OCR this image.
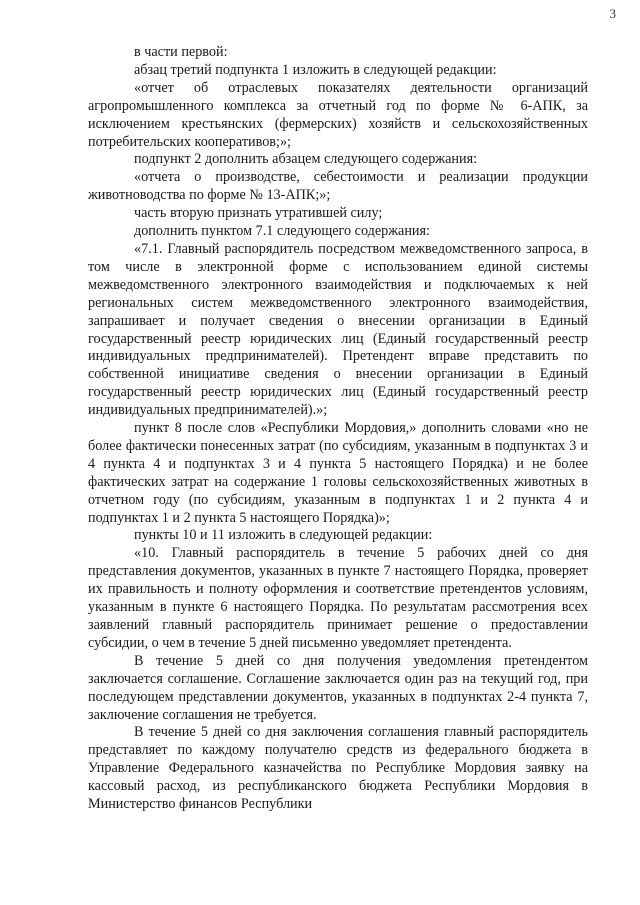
3

в части первой:

абзац третий подпункта 1 изложить в следующей редакции:

«отчет об отраслевых показателях деятельности организаций агропромышленного комплекса за отчетный год по форме № 6-АПК, за исключением крестьянских (фермерских) хозяйств и сельскохозяйственных потребительских кооперативов;»;

подпункт 2 дополнить абзацем следующего содержания:

«отчета о производстве, себестоимости и реализации продукции животноводства по форме № 13-АПК;»;

часть вторую признать утратившей силу;

дополнить пунктом 7.1 следующего содержания:

«7.1. Главный распорядитель посредством межведомственного запроса, в том числе в электронной форме с использованием единой системы межведомственного электронного взаимодействия и подключаемых к ней региональных систем межведомственного электронного взаимодействия, запрашивает и получает сведения о внесении организации в Единый государственный реестр юридических лиц (Единый государственный реестр индивидуальных предпринимателей). Претендент вправе представить по собственной инициативе сведения о внесении организации в Единый государственный реестр юридических лиц (Единый государственный реестр индивидуальных предпринимателей).»;

пункт 8 после слов «Республики Мордовия,» дополнить словами «но не более фактически понесенных затрат (по субсидиям, указанным в подпунктах 3 и 4 пункта 4 и подпунктах 3 и 4 пункта 5 настоящего Порядка) и не более фактических затрат на содержание 1 головы сельскохозяйственных животных в отчетном году (по субсидиям, указанным в подпунктах 1 и 2 пункта 4 и подпунктах 1 и 2 пункта 5 настоящего Порядка)»;

пункты 10 и 11 изложить в следующей редакции:

«10. Главный распорядитель в течение 5 рабочих дней со дня представления документов, указанных в пункте 7 настоящего Порядка, проверяет их правильность и полноту оформления и соответствие претендентов условиям, указанным в пункте 6 настоящего Порядка. По результатам рассмотрения всех заявлений главный распорядитель принимает решение о предоставлении субсидии, о чем в течение 5 дней письменно уведомляет претендента.

В течение 5 дней со дня получения уведомления претендентом заключается соглашение. Соглашение заключается один раз на текущий год, при последующем представлении документов, указанных в подпунктах 2-4 пункта 7, заключение соглашения не требуется.

В течение 5 дней со дня заключения соглашения главный распорядитель представляет по каждому получателю средств из федерального бюджета в Управление Федерального казначейства по Республике Мордовия заявку на кассовый расход, из республиканского бюджета Республики Мордовия в Министерство финансов Республики
